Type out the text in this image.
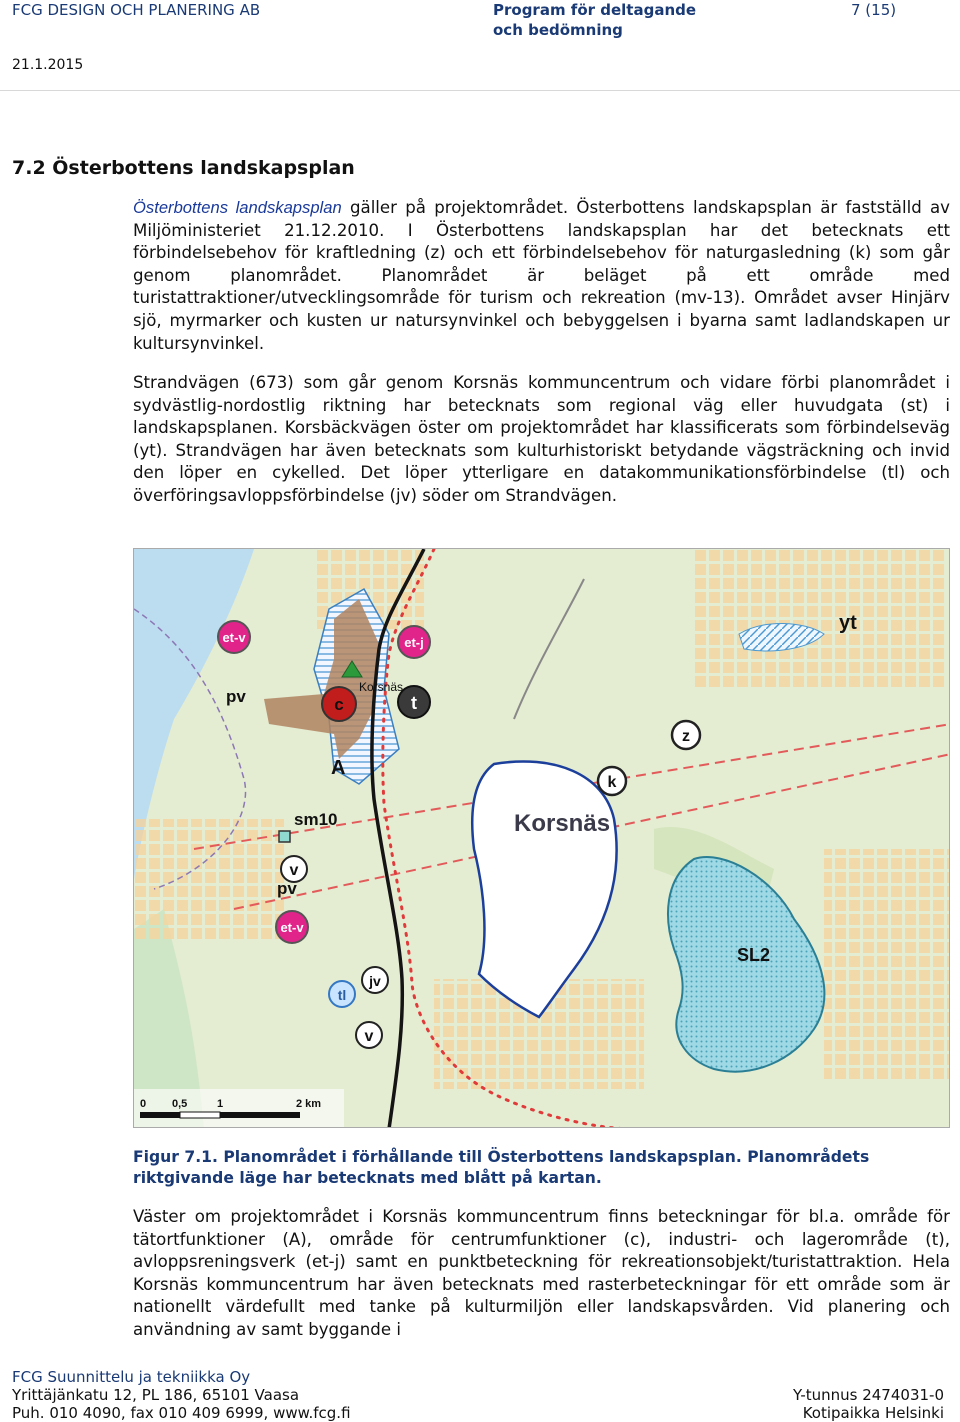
FCG DESIGN OCH PLANERING AB
21.1.2015
Program för deltagande
och bedömning
7 (15)
7.2 Österbottens landskapsplan

Österbottens landskapsplan gäller på projektområdet. Österbottens landskapsplan är fastställd av Miljöministeriet 21.12.2010. I Österbottens landskapsplan har det betecknats ett förbindelsebehov för kraftledning (z) och ett förbindelsebehov för naturgasledning (k) som går genom planområdet. Planområdet är beläget på ett område med turistattraktioner/utvecklingsområde för turism och rekreation (mv-13). Området avser Hinjärv sjö, myrmarker och kusten ur natursynvinkel och bebyggelsen i byarna samt ladlandskapen ur kultursynvinkel.

Strandvägen (673) som går genom Korsnäs kommuncentrum och vidare förbi planområdet i sydvästlig-nordostlig riktning har betecknats som regional väg eller huvudgata (st) i landskapsplanen. Korsbäckvägen öster om projektområdet har klassificerats som förbindelseväg (yt). Strandvägen har även betecknats som kulturhistoriskt betydande vägsträckning och invid den löper en cykelled. Det löper ytterligare en datakommunikationsförbindelse (tl) och överföringsavloppsförbindelse (jv) söder om Strandvägen.

et-v	et-j
c	t
Korsnäs
A
pv
yt
z
k
Korsnäs
sm10
v
pv
et-v
SL2
tl
jv
v
0 0,5	1	2 km

Figur 7.1. Planområdet i förhållande till Österbottens landskapsplan. Planområdets riktgivande läge har betecknats med blått på kartan.

Väster om projektområdet i Korsnäs kommuncentrum finns beteckningar för bl.a. område för tätortfunktioner (A), område för centrumfunktioner (c), industri- och lagerområde (t), avloppsreningsverk (et-j) samt en punktbeteckning för rekreationsobjekt/turistattraktion. Hela Korsnäs kommuncentrum har även betecknats med rasterbeteckningar för ett område som är nationellt värdefullt med tanke på kulturmiljön eller landskapsvården. Vid planering och användning av samt byggande i

FCG Suunnittelu ja tekniikka Oy
Yrittäjänkatu 12, PL 186, 65101 Vaasa
Puh. 010 4090, fax 010 409 6999, www.fcg.fi
Y-tunnus 2474031-0
Kotipaikka Helsinki
